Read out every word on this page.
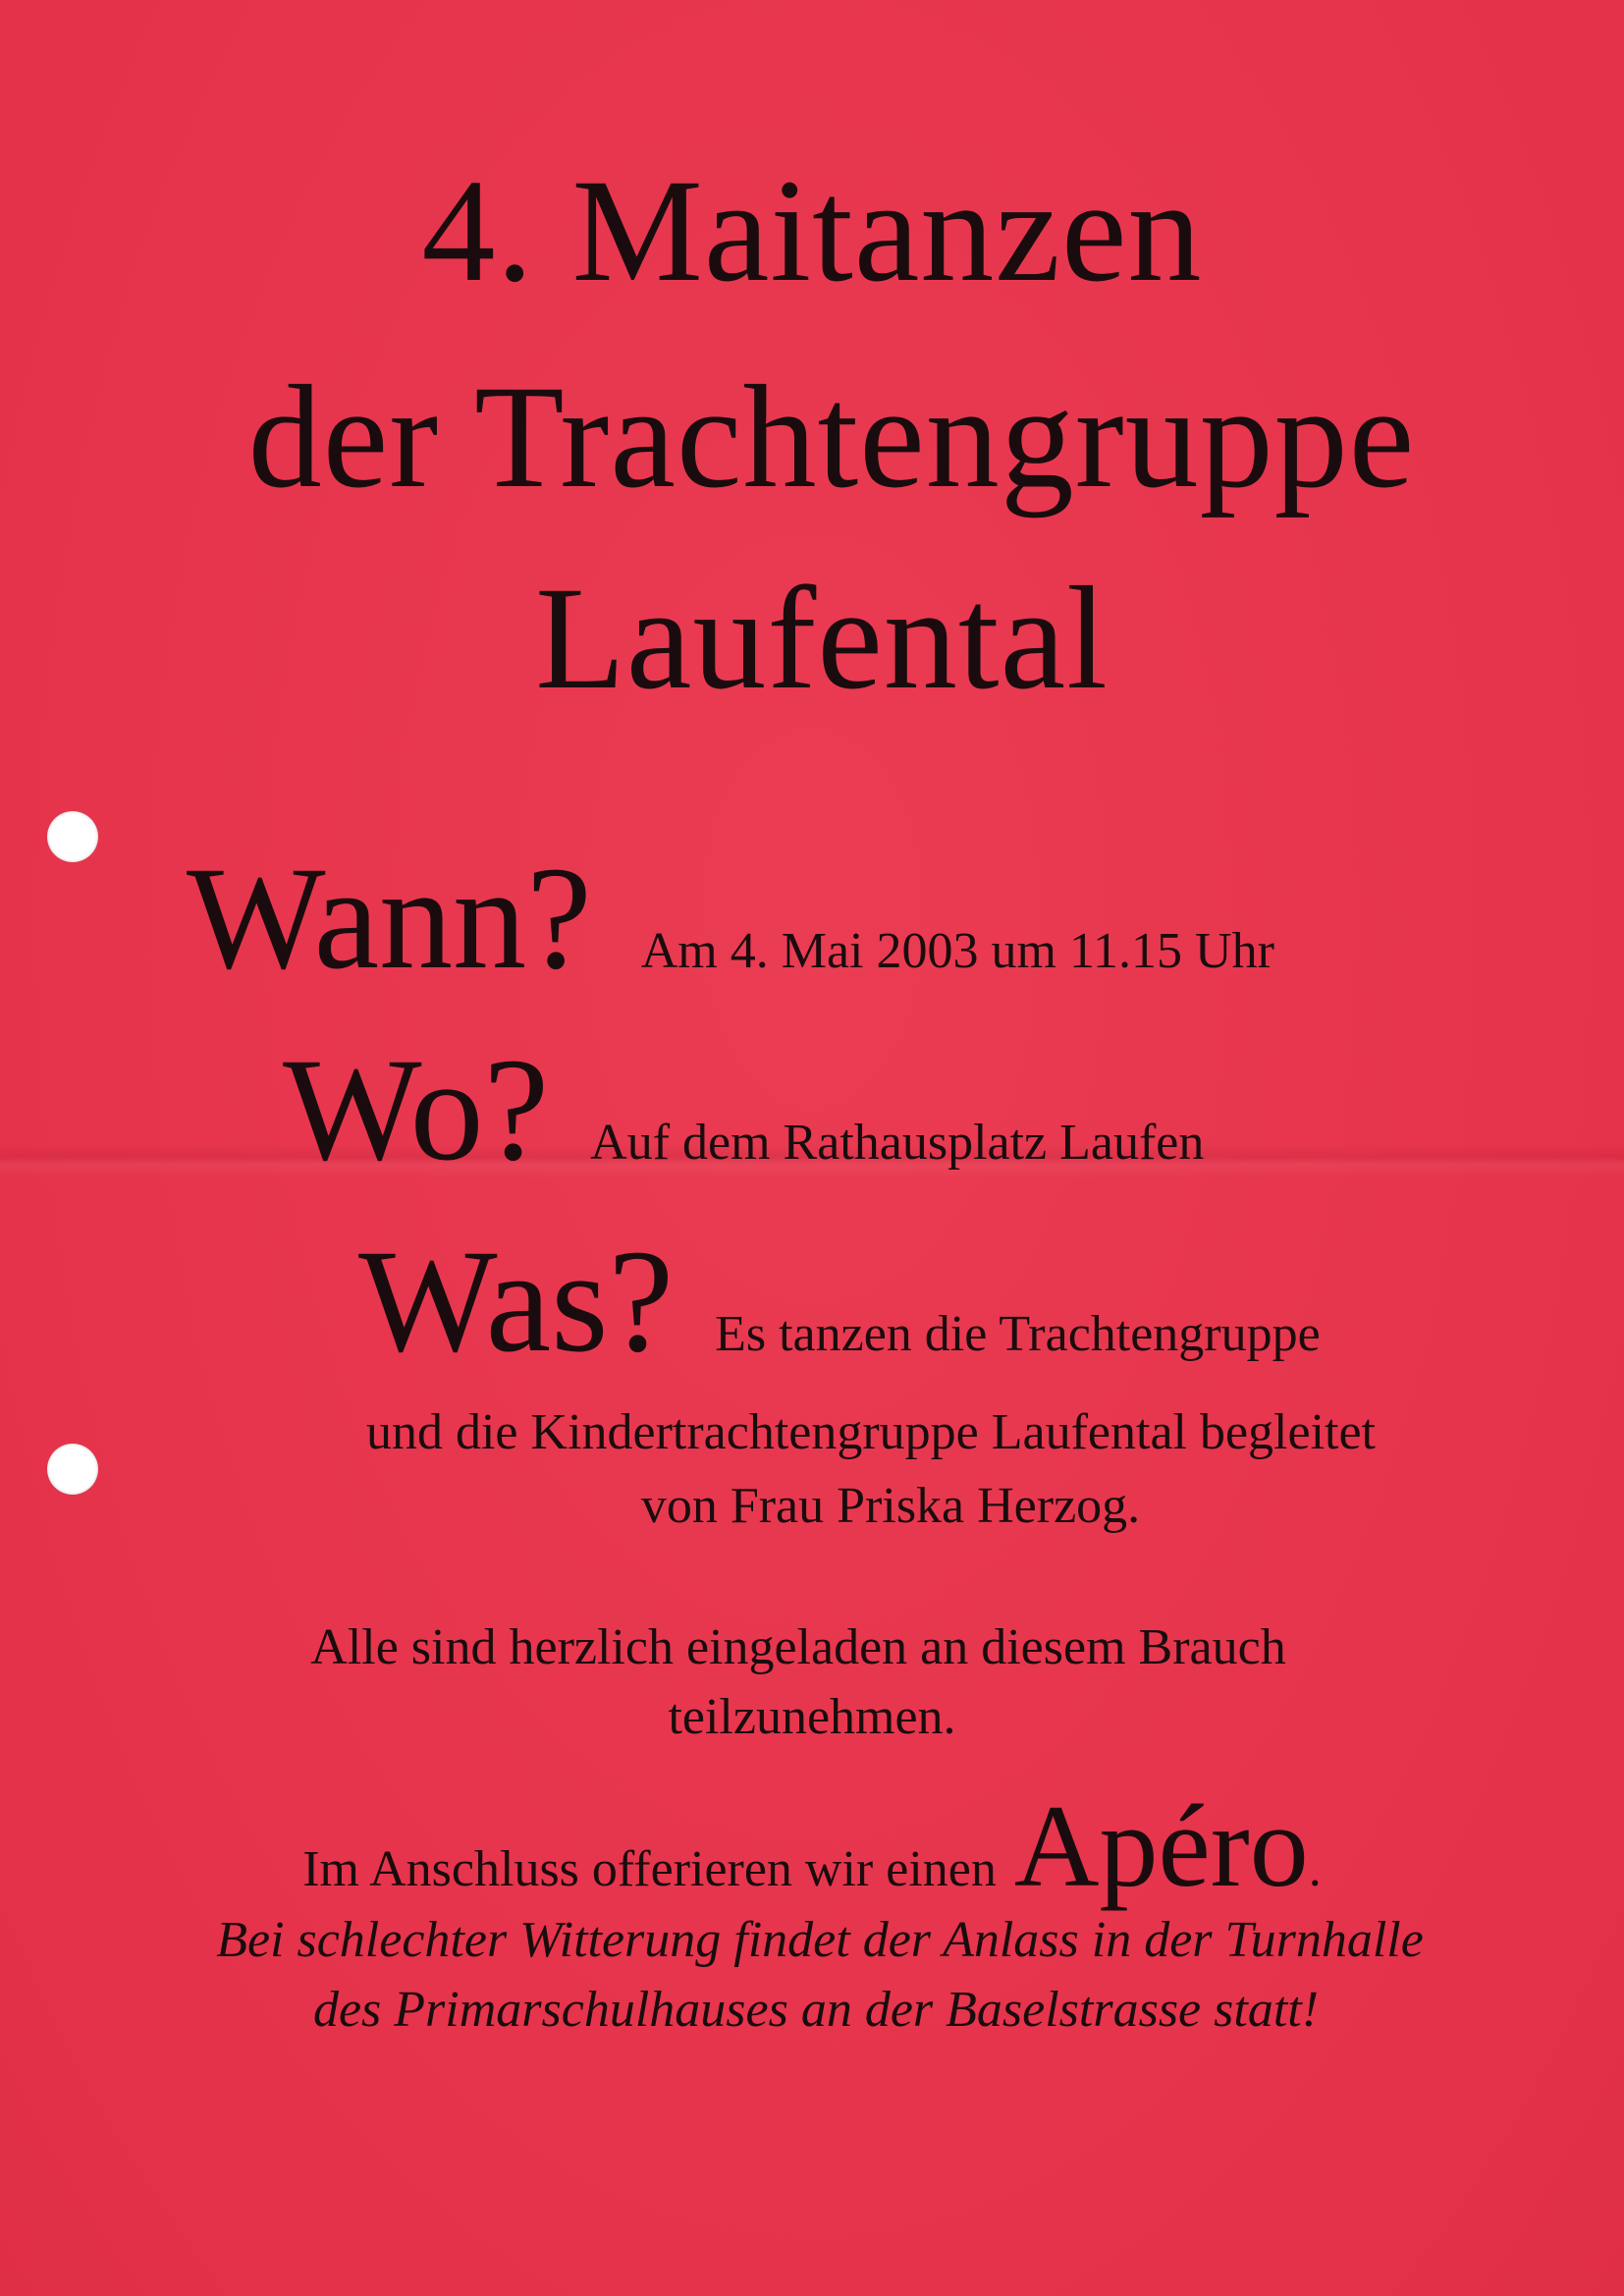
4. Maitanzen
der Trachtengruppe
Laufental
Wann? Am 4. Mai 2003 um 11.15 Uhr
Wo? Auf dem Rathausplatz Laufen
Was? Es tanzen die Trachtengruppe
und die Kindertrachtengruppe Laufental begleitet
von Frau Priska Herzog.
Alle sind herzlich eingeladen an diesem Brauch
teilzunehmen.
Im Anschluss offerieren wir einen Apéro.
Bei schlechter Witterung findet der Anlass in der Turnhalle
des Primarschulhauses an der Baselstrasse statt!
